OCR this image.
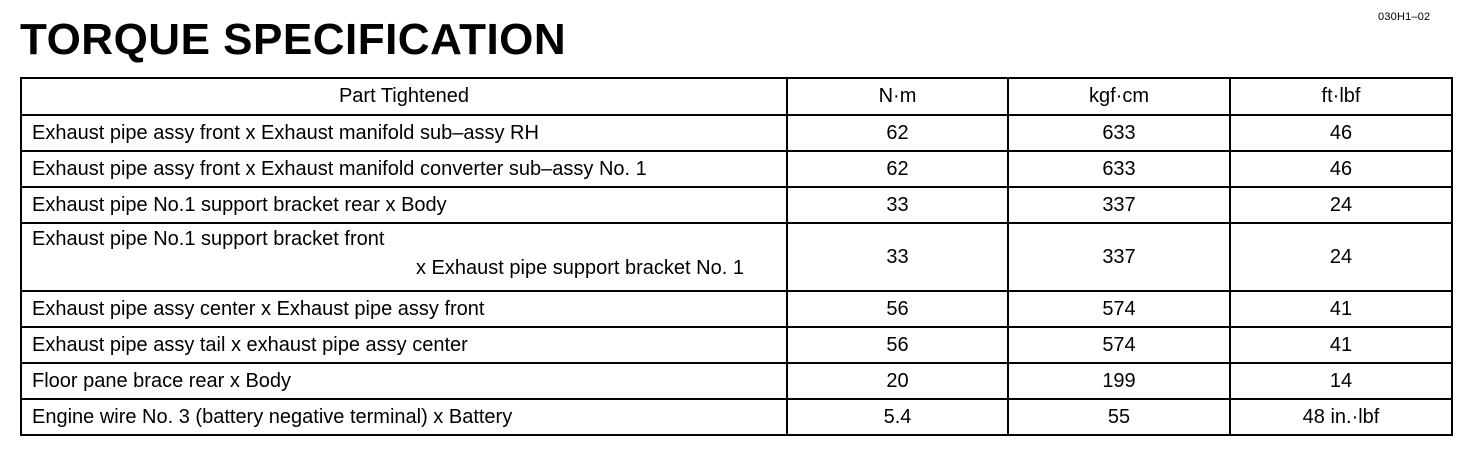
030H1–02
TORQUE SPECIFICATION
Part Tightened	N·m	kgf·cm	ft·lbf
Exhaust pipe assy front x Exhaust manifold sub–assy RH	62	633	46
Exhaust pipe assy front x Exhaust manifold converter sub–assy No. 1	62	633	46
Exhaust pipe No.1 support bracket rear x Body	33	337	24

Exhaust pipe No.1 support bracket front
x Exhaust pipe support bracket No. 1	33	337	24
Exhaust pipe assy center x Exhaust pipe assy front	56	574	41
Exhaust pipe assy tail x exhaust pipe assy center	56	574	41
Floor pane brace rear x Body	20	199	14
Engine wire No. 3 (battery negative terminal) x Battery	5.4	55	48 in.·lbf
